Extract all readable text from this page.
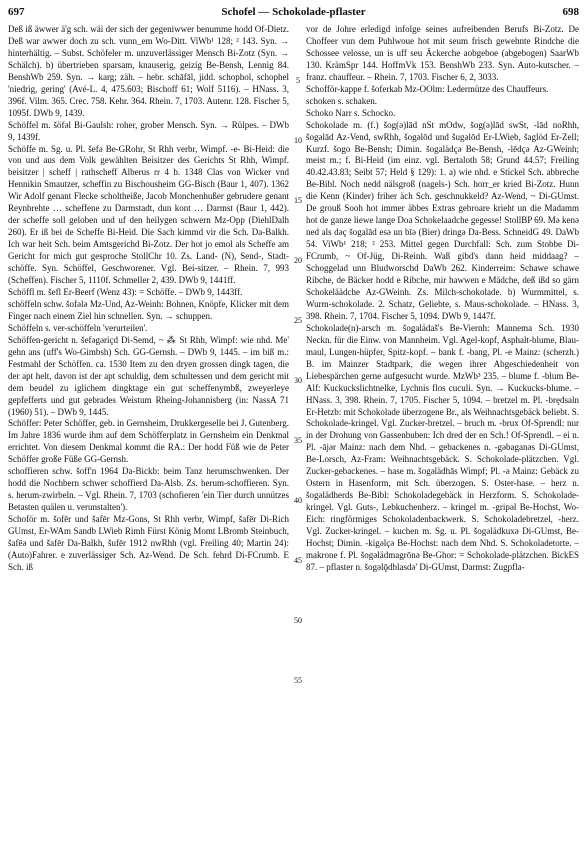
697	Schofel — Schokolade-pflaster	698

Deß iß äwwer ä'g sch. wäi der sich der gegeniwwer benumme hodd Of-Dietz. Deß war awwer doch zu sch. vunn_em Wo-Ditt. ViWb¹ 128; ² 143. Syn. → hinterhältig. – Subst. Schöfeler m. unzuverlässiger Mensch Bi-Zotz (Syn. → Schälch). b) übertrieben sparsam, knauserig, geizig Be-Bensh, Lennig 84. BenshWb 259. Syn. → karg; zäh. – hebr. schāfāl, jidd. schophol, schophel 'niedrig, gering' (Avé-L. 4, 475.603; Bischoff 61; Wolf 5116). – HNass. 3, 396f. Vilm. 365. Crec. 758. Kehr. 364. Rhein. 7, 1703. Autenr. 128. Fischer 5, 1095f. DWb 9, 1439.

Schöffel m. šöfəl Bi-Gaulsh: roher, grober Mensch. Syn. → Rülpes. – DWb 9, 1439f.

Schöffe m. Sg. u. Pl. šefə Be-GRohr, St Rhh verbr, Wimpf. -e- Bi-Heid: die von und aus dem Volk gewählten Beisitzer des Gerichts St Rhh, Wimpf. beisitzer | scheff | rathscheff Alberus rr 4 b. 1348 Clas von Wicker vnd Hennikin Smautzer, scheffin zu Bischousheim GG-Bisch (Baur 1, 407). 1362 Wir Adolf genant Flecke scholtheiße, Jacob Monchenhußer gebrudere genant Reynbrehte … scheffene zu Darmstadt, dun kont … Darmst (Baur 1, 442). der scheffe soll geloben und uf den heilygen schwern Mz-Opp (DiehlDalh 260). Er iß bei de Scheffe Bi-Heid. Die Sach kimmd vir die Sch. Da-Balkh. Ich war heit Sch. beim Amtsgerichd Bi-Zotz. Der hot jo emol als Scheffe am Gericht for mich gut gesproche StollChr 10. Zs. Land- (N), Send-, Stadt-schöffe. Syn. Schöffel, Geschworener. Vgl. Bei-sitzer. – Rhein. 7, 993 (Scheffen). Fischer 5, 1110f. Schmeller 2, 439. DWb 9, 1441ff.

Schöffl m. šefl Er-Beerf (Wenz 43): = Schöffe. – DWb 9, 1443ff.

schöffeln schw. šofələ Mz-Und, Az-Weinh: Bohnen, Knöpfe, Klicker mit dem Finger nach einem Ziel hin schnellen. Syn. → schuppen.

Schöffeln s. ver-schöffeln 'verurteilen'.

Schöffen-gericht n. šefəgəriçd Di-Semd, ~ ⁂ St Rhh, Wimpf: wie nhd. Me' gehn ans (uff's Wo-Gimbsh) Sch. GG-Gernsh. – DWb 9, 1445. – im biß m.: Festmahl der Schöffen. ca. 1530 Item zu den dryen grossen dingk tagen, die der apt helt, davon ist der apt schuldig, dem schultessen und dem gericht mit dem beudel zu iglichem dingktage ein gut scheffenymbß, zweyerleye gepfefferts und gut gebrades Weistum Rheing-Johannisberg (in: NassA 71 (1960) 51). – DWb 9, 1445.

Schöffer: Peter Schöffer, geb. in Gernsheim, Drukkergeselle bei J. Gutenberg. Im Jahre 1836 wurde ihm auf dem Schöfferplatz in Gernsheim ein Denkmal errichtet. Von diesem Denkmal kommt die RA.: Der hodd Füß wie de Peter Schöffer große Füße GG-Gernsh.

schoffieren schw. šoff'n 1964 Da-Bickb: beim Tanz herumschwenken. Der hodd die Nochbern schwer schoffierd Da-Alsb. Zs. herum-schoffieren. Syn. s. herum-zwirbeln. – Vgl. Rhein. 7, 1703 (schofieren 'ein Tier durch unnützes Betasten quälen u. verunstalten').

Schoför m. šofēr und šafēr Mz-Gons, St Rhh verbr, Wimpf, šafēr Di-Rich GUmst, Er-WAm Sandb LWieb Rimh Fürst König Momt LBromb Steinbuch, šafēə und šafēr Da-Balkh, šufēr 1912 nwRhh (vgl. Freiling 40; Martin 24): (Auto)Fahrer. e zuverlässiger Sch. Az-Wend. De Sch. fehrd Di-FCrumb. E Sch. iß

5
10
15
20
25
30
35
40
45
50
55

vor de Johre erledigd infolge seines aufreibenden Berufs Bi-Zotz. De Choffeer vun dem Puhlwoue hot mit seum frisch gewehnte Rindche die Schossee velosse, un is uff seu Äckerche aobgeboe (abgebogen) SaarWb 130. KrämSpr 144. HoffmVk 153. BenshWb 233. Syn. Auto-kutscher. – franz. chauffeur. – Rhein. 7, 1703. Fischer 6, 2, 3033.

Schofför-kappe f. šoferkab Mz-OOlm: Ledermütze des Chauffeurs.

schoken s. schaken.

Schoko Narr s. Schocko.

Schokolade m. (f.) šog(ə)lād nSt mOdw, šog(ə)lād swSt, -lād noRhh, šogəlād Az-Vend, swRhh, šogəlōd und šugəlōd Er-LWieb, šaglöd Er-Zell; Kurzf. šogo Be-Bensh; Dimin. šogalädçə Be-Bensh, -lēdçə Az-GWeinh; meist m.; f. Bi-Heid (im einz. vgl. Bertaloth 58; Grund 44.57; Freiling 40.42.43.83; Seibt 57; Held § 129): 1. a) wie nhd. e Stickel Sch. abbreche Be-Bibl. Noch nedd nälsgroß (nagels-) Sch. horr_er kried Bi-Zotz. Hunn die Kenn (Kinder) friher äch Sch. geschnukkeld? Az-Wend, ~ Di-GUmst. De grouß Sooh hot immer äbbes Extras gebroare krieht un die Madamm hot de ganze liewe lange Doa Schokelaadche gegesse! StollBP 69. Mə kenə ned als dəç šogalād esə un bīə (Bier) dringə Da-Bess. SchneidG 49. DaWb 54. ViWb¹ 218; ² 253. Mittel gegen Durchfall: Sch. zum Stobbe Di-FCrumb, ~ Of-Jüg, Di-Reinh. Waß gibd's dann heid middaag? – Schoggelad unn Bludworschd DaWb 262. Kinderreim: Schawe schawe Ribche, de Bäcker hodd e Ribche, mir hawwen e Mädche, deß ißd so gärn Schokeläädche Az-GWeinh. Zs. Milch-schokolade. b) Wurmmittel, s. Wurm-schokolade. 2. Schatz, Geliebte, s. Maus-schokolade. – HNass. 3, 398. Rhein. 7, 1704. Fischer 5, 1094. DWb 9, 1447f.

Schokolade(n)-arsch m. šogalädaš's Be-Viernh: Mannema Sch. 1930 Neckn. für die Einw. von Mannheim. Vgl. Agel-kopf, Asphalt-blume, Blau-maul, Lungen-hüpfer, Spitz-kopf. – bank f. -bang, Pl. -e Mainz: (scherzh.) B. im Mainzer Stadtpark, die wegen ihrer Abgeschiedenheit von Liebespärchen gerne aufgesucht wurde. MzWb³ 235. – blume f. -blum Be-Alf: Kuckuckslichtnelke, Lychnis flos cuculi. Syn. → Kuckucks-blume. – HNass. 3, 398. Rhein. 7, 1705. Fischer 5, 1094. – bretzel m. Pl. -brędsaln Er-Hetzb: mit Schokolade überzogene Br., als Weihnachtsgebäck beliebt. S. Schokolade-kringel. Vgl. Zucker-bretzel. – bruch m. -brux Of-Sprendl: nur in der Drohung von Gassenbuben: Ich dred der en Sch.! Of-Sprendl. – ei n. Pl. -ājər Mainz: nach dem Nhd. – gebackenes n. -gəbaganəs Di-GUmst, Be-Lorsch, Az-Fram: Weihnachtsgebäck. S. Schokolade-plätzchen. Vgl. Zucker-gebackenes. – hase m. šogəlädhās Wimpf; Pl. -ə Mainz: Gebäck zu Ostern in Hasenform, mit Sch. überzogen. S. Oster-hase. – herz n. šogəlädherds Be-Bibl: Schokoladegebäck in Herzform. S. Schokolade-kringel. Vgl. Guts-, Lebkuchenherz. – kringel m. -gripəl Be-Hochst, Wo-Eich: ringförmiges Schokoladenbackwerk. S. Schokoladebretzel, -herz. Vgl. Zucker-kringel. – kuchen m. Sg. u. Pl. šogəlädkuxə Di-GUmst, Be-Hochst; Dimin. -kigəlçə Be-Hochst: nach dem Nhd. S. Schokoladetorte. – makrone f. Pl. šogəlädmagrōnə Be-Ghor: = Schokolade-plätzchen. BickES 87. – pflaster n. šogəlǭdblasdə' Di-GUmst, Darmst: Zugpfla-
